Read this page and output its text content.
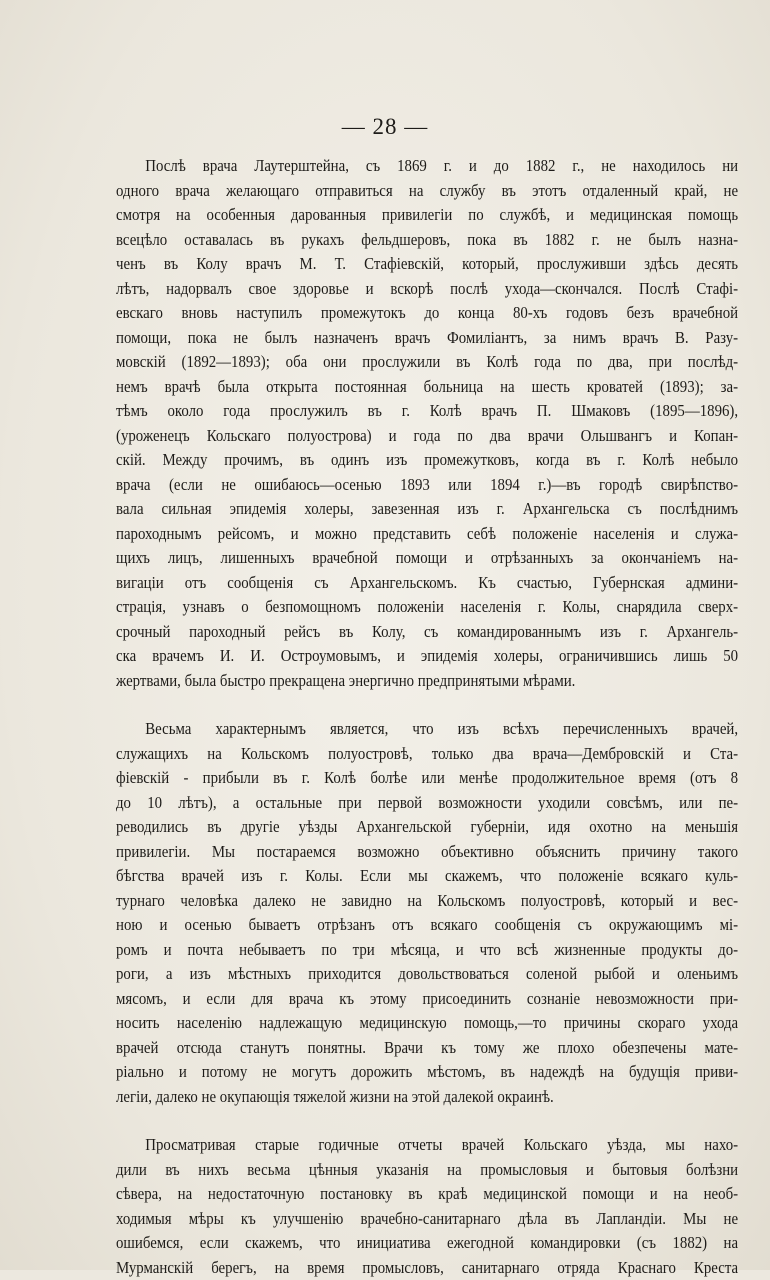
— 28 —
Послѣ врача Лаутерштейна, съ 1869 г. и до 1882 г., не находилось ни
одного врача желающаго отправиться на службу въ этотъ отдаленный край, не
смотря на особенныя дарованныя привилегіи по службѣ, и медицинская помощь
всецѣло оставалась въ рукахъ фельдшеровъ, пока въ 1882 г. не былъ назна-
ченъ въ Колу врачъ М. Т. Стафіевскій, который, прослуживши здѣсь десять
лѣтъ, надорвалъ свое здоровье и вскорѣ послѣ ухода—скончался. Послѣ Стафі-
евскаго вновь наступилъ промежутокъ до конца 80-хъ годовъ безъ врачебной
помощи, пока не былъ назначенъ врачъ Фомиліантъ, за нимъ врачъ В. Разу-
мовскій (1892—1893); оба они прослужили въ Колѣ года по два, при послѣд-
немъ врачѣ была открыта постоянная больница на шесть кроватей (1893); за-
тѣмъ около года прослужилъ въ г. Колѣ врачъ П. Шмаковъ (1895—1896),
(уроженецъ Кольскаго полуострова) и года по два врачи Ольшвангъ и Копан-
скій. Между прочимъ, въ одинъ изъ промежутковъ, когда въ г. Колѣ небыло
врача (если не ошибаюсь—осенью 1893 или 1894 г.)—въ городѣ свирѣпство-
вала сильная эпидемія холеры, завезенная изъ г. Архангельска съ послѣднимъ
пароходнымъ рейсомъ, и можно представить себѣ положеніе населенія и служа-
щихъ лицъ, лишенныхъ врачебной помощи и отрѣзанныхъ за окончаніемъ на-
вигаціи отъ сообщенія съ Архангельскомъ. Къ счастью, Губернская админи-
страція, узнавъ о безпомощномъ положеніи населенія г. Колы, снарядила сверх-
срочный пароходный рейсъ въ Колу, съ командированнымъ изъ г. Архангель-
ска врачемъ И. И. Остроумовымъ, и эпидемія холеры, ограничившись лишь 50
жертвами, была быстро прекращена энергично предпринятыми мѣрами.
Весьма характернымъ является, что изъ всѣхъ перечисленныхъ врачей,
служащихъ на Кольскомъ полуостровѣ, только два врача—Дембровскій и Ста-
фіевскій - прибыли въ г. Колѣ болѣе или менѣе продолжительное время (отъ 8
до 10 лѣтъ), а остальные при первой возможности уходили совсѣмъ, или пе-
реводились въ другіе уѣзды Архангельской губерніи, идя охотно на меньшія
привилегіи. Мы постараемся возможно объективно объяснить причину такого
бѣгства врачей изъ г. Колы. Если мы скажемъ, что положеніе всякаго куль-
турнаго человѣка далеко не завидно на Кольскомъ полуостровѣ, который и вес-
ною и осенью бываетъ отрѣзанъ отъ всякаго сообщенія съ окружающимъ мі-
ромъ и почта небываетъ по три мѣсяца, и что всѣ жизненные продукты до-
роги, а изъ мѣстныхъ приходится довольствоваться соленой рыбой и оленьимъ
мясомъ, и если для врача къ этому присоединить сознаніе невозможности при-
носить населенію надлежащую медицинскую помощь,—то причины скораго ухода
врачей отсюда станутъ понятны. Врачи къ тому же плохо обезпечены мате-
ріально и потому не могутъ дорожить мѣстомъ, въ надеждѣ на будущія приви-
легіи, далеко не окупающія тяжелой жизни на этой далекой окраинѣ.
Просматривая старые годичные отчеты врачей Кольскаго уѣзда, мы нахо-
дили въ нихъ весьма цѣнныя указанія на промысловыя и бытовыя болѣзни
сѣвера, на недостаточную постановку въ краѣ медицинской помощи и на необ-
ходимыя мѣры къ улучшенію врачебно-санитарнаго дѣла въ Лапландіи. Мы не
ошибемся, если скажемъ, что инициатива ежегодной командировки (съ 1882) на
Мурманскій берегъ, на время промысловъ, санитарнаго отряда Краснаго Креста
